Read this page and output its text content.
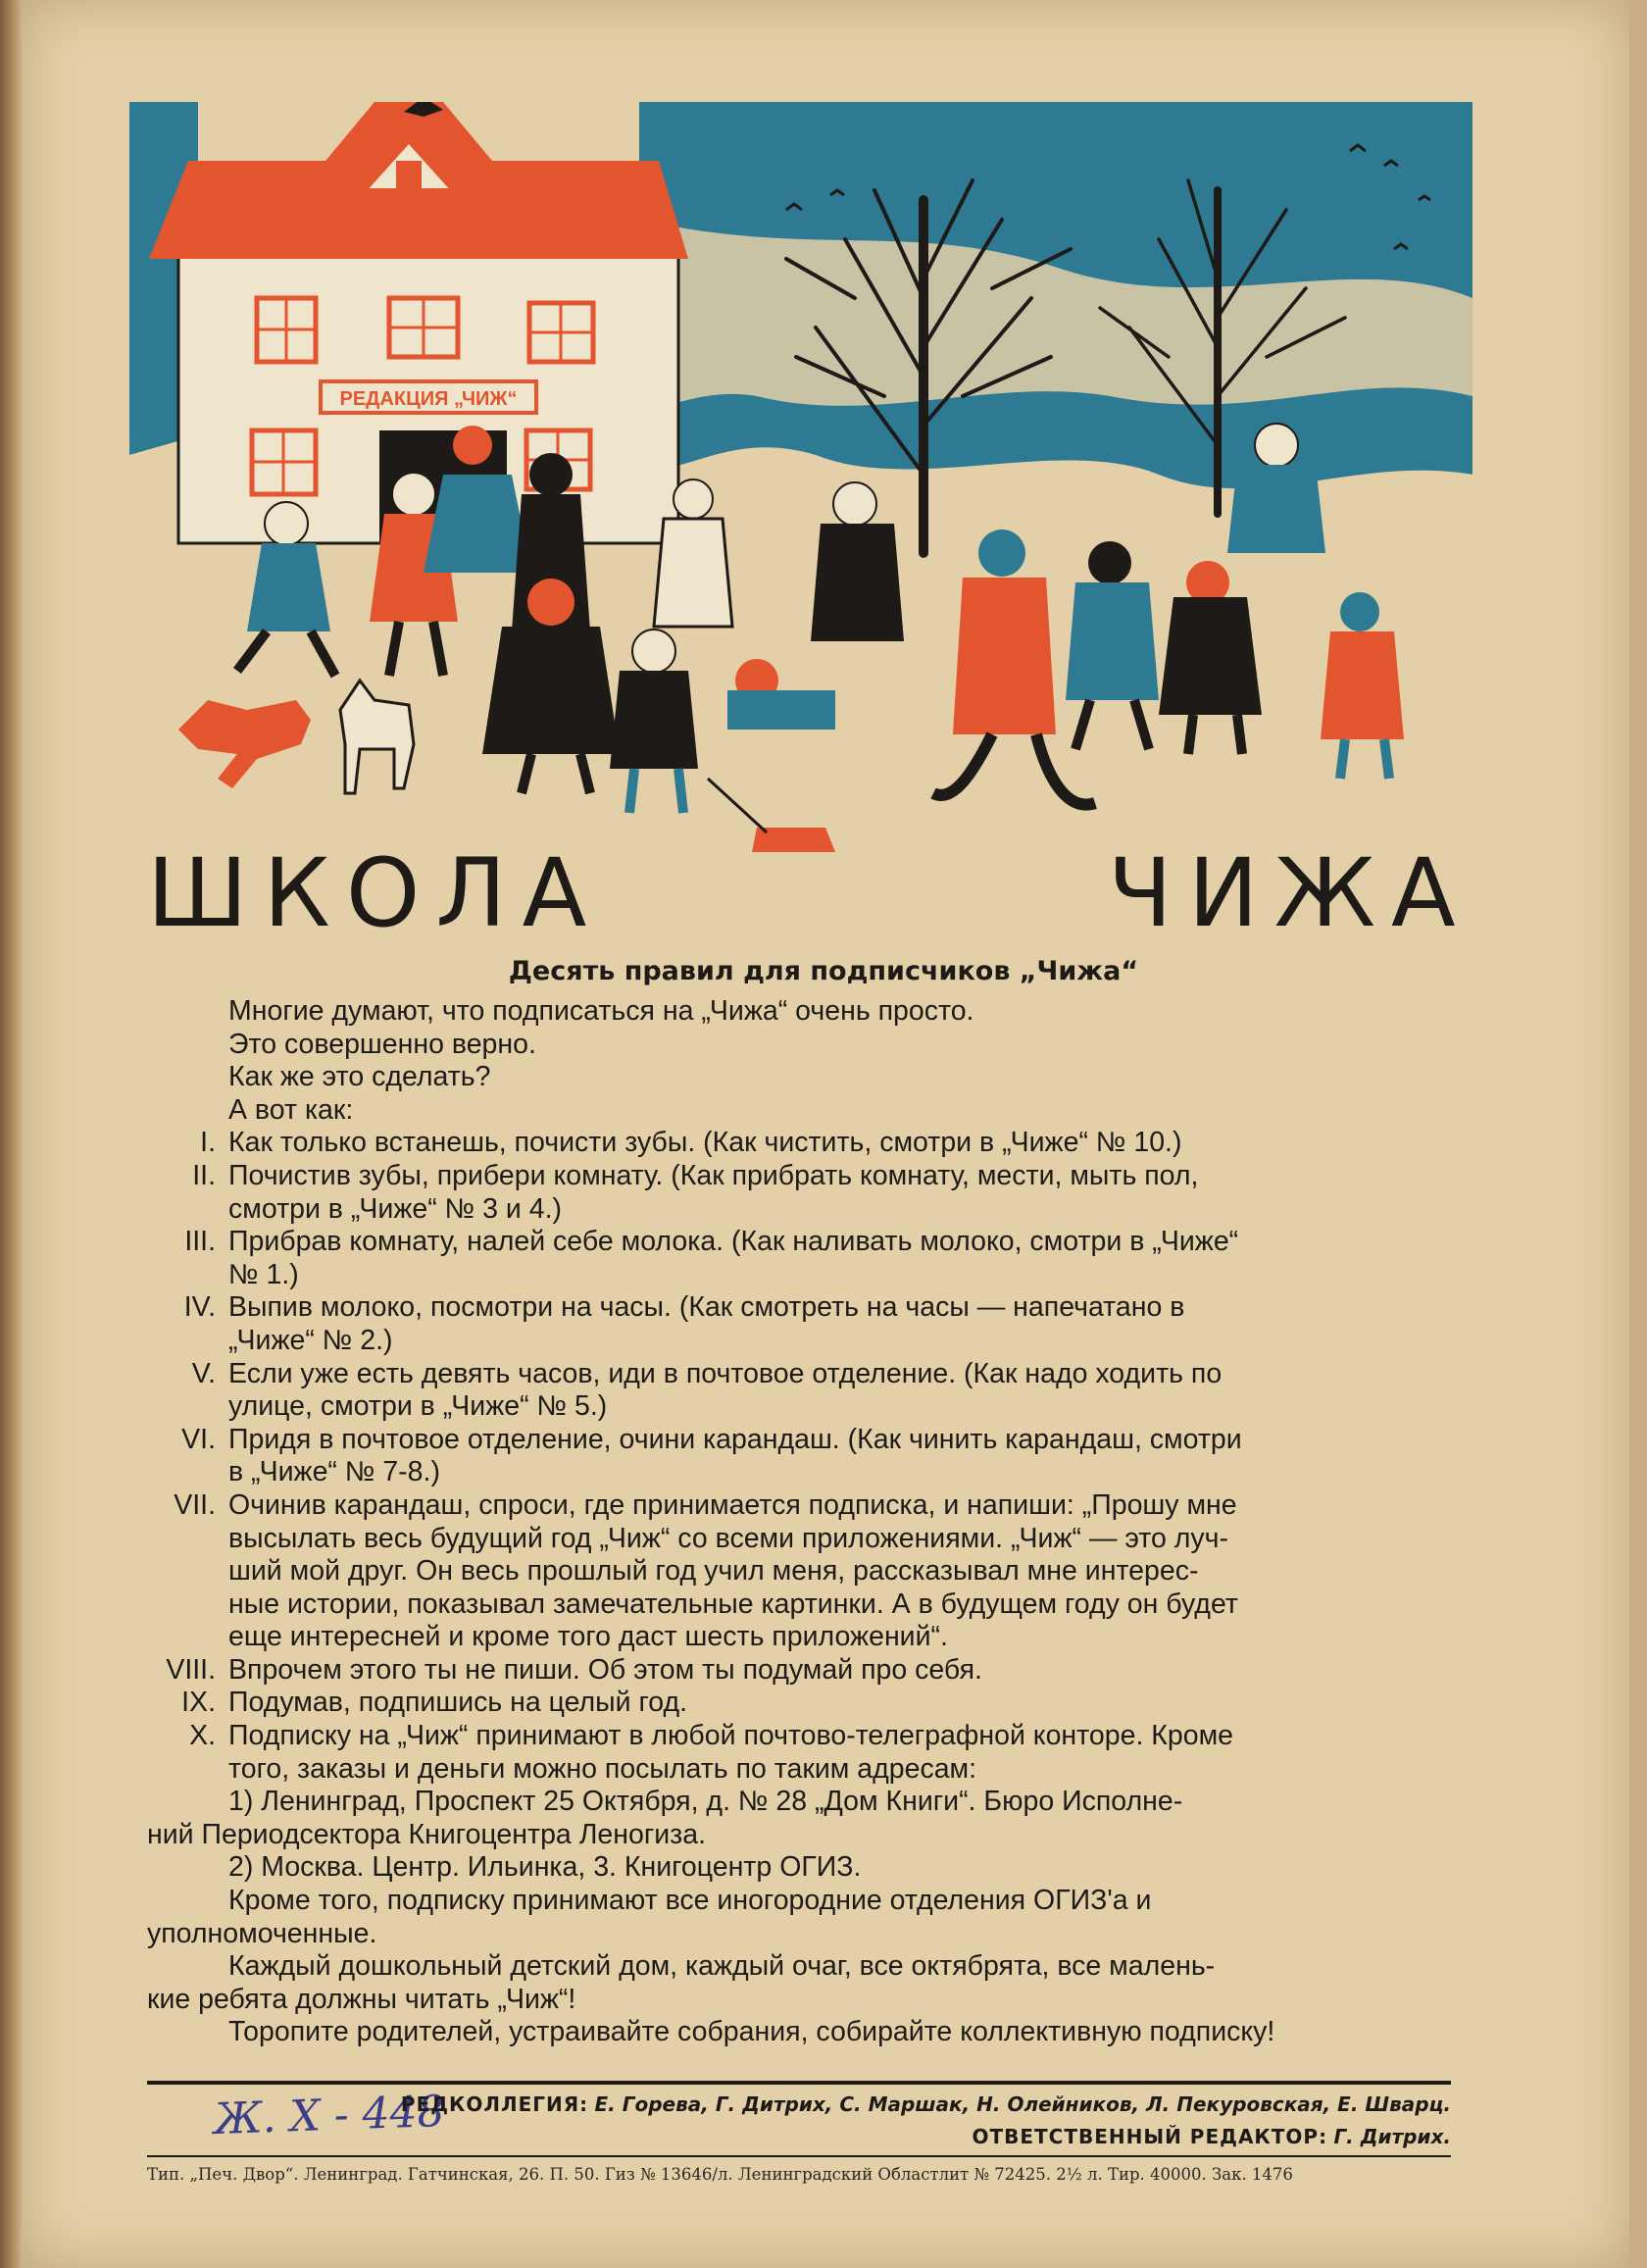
РЕДАКЦИЯ „ЧИЖ“
ШКОЛА	ЧИЖА
Десять правил для подписчиков „Чижа“
Многие думают, что подписаться на „Чижа“ очень просто.
Это совершенно верно.
Как же это сделать?
А вот как:
I. Как только встанешь, почисти зубы. (Как чистить, смотри в „Чиже“ № 10.)
II. Почистив зубы, прибери комнату. (Как прибрать комнату, мести, мыть пол,
смотри в „Чиже“ № 3 и 4.)
III. Прибрав комнату, налей себе молока. (Как наливать молоко, смотри в „Чиже“
№ 1.)
IV. Выпив молоко, посмотри на часы. (Как смотреть на часы — напечатано в
„Чиже“ № 2.)
V. Если уже есть девять часов, иди в почтовое отделение. (Как надо ходить по
улице, смотри в „Чиже“ № 5.)
VI. Придя в почтовое отделение, очини карандаш. (Как чинить карандаш, смотри
в „Чиже“ № 7-8.)
VII. Очинив карандаш, спроси, где принимается подписка, и напиши: „Прошу мне
высылать весь будущий год „Чиж“ со всеми приложениями. „Чиж“ — это луч-
ший мой друг. Он весь прошлый год учил меня, рассказывал мне интерес-
ные истории, показывал замечательные картинки. А в будущем году он будет
еще интересней и кроме того даст шесть приложений“.
VIII. Впрочем этого ты не пиши. Об этом ты подумай про себя.
IX. Подумав, подпишись на целый год.
X. Подписку на „Чиж“ принимают в любой почтово-телеграфной конторе. Кроме
того, заказы и деньги можно посылать по таким адресам:
1) Ленинград, Проспект 25 Октября, д. № 28 „Дом Книги“. Бюро Исполне-
ний Периодсектора Книгоцентра Леногиза.
2) Москва. Центр. Ильинка, 3. Книгоцентр ОГИЗ.
Кроме того, подписку принимают все иногородние отделения ОГИЗ'а и
уполномоченные.
Каждый дошкольный детский дом, каждый очаг, все октябрята, все малень-
кие ребята должны читать „Чиж“!
Торопите родителей, устраивайте собрания, собирайте коллективную подписку!
Ж. X - 448
РЕДКОЛЛЕГИЯ: Е. Горева, Г. Дитрих, С. Маршак, Н. Олейников, Л. Пекуровская, Е. Шварц.
ОТВЕТСТВЕННЫЙ РЕДАКТОР: Г. Дитрих.
Тип. „Печ. Двор“. Ленинград. Гатчинская, 26. П. 50. Гиз № 13646/л. Ленинградский Областлит № 72425. 2½ л. Тир. 40000. Зак. 1476
